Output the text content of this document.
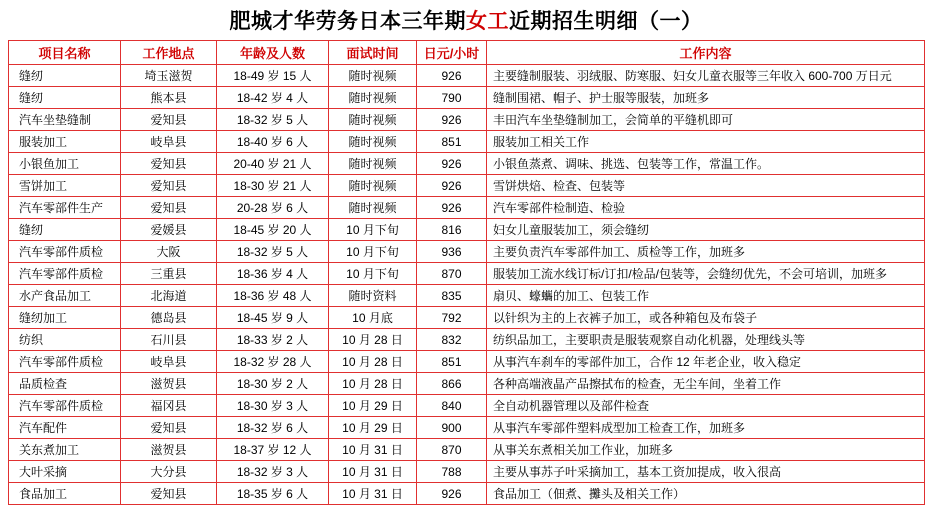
肥城才华劳务日本三年期女工近期招生明细（一）
项目名称	工作地点	年龄及人数	面试时间	日元/小时	工作内容
缝纫	埼玉滋贺	18-49 岁 15 人	随时视频	926	主要缝制服装、羽绒服、防寒服、妇女儿童衣服等三年收入 600-700 万日元
缝纫	熊本县	18-42 岁 4 人	随时视频	790	缝制围裙、帽子、护士服等服装，加班多
汽车坐垫缝制	爱知县	18-32 岁 5 人	随时视频	926	丰田汽车坐垫缝制加工，会简单的平缝机即可
服装加工	岐阜县	18-40 岁 6 人	随时视频	851	服装加工相关工作
小银鱼加工	爱知县	20-40 岁 21 人	随时视频	926	小银鱼蒸煮、调味、挑选、包装等工作，常温工作。
雪饼加工	爱知县	18-30 岁 21 人	随时视频	926	雪饼烘焙、检查、包装等
汽车零部件生产	爱知县	20-28 岁 6 人	随时视频	926	汽车零部件检制造、检验
缝纫	爱媛县	18-45 岁 20 人	10 月下旬	816	妇女儿童服装加工，须会缝纫
汽车零部件质检	大阪	18-32 岁 5 人	10 月下旬	936	主要负责汽车零部件加工、质检等工作，加班多
汽车零部件质检	三重县	18-36 岁 4 人	10 月下旬	870	服装加工流水线订标/订扣/检品/包装等，会缝纫优先，不会可培训，加班多
水产食品加工	北海道	18-36 岁 48 人	随时资料	835	扇贝、蠔蠵的加工、包装工作
缝纫加工	德岛县	18-45 岁 9 人	10 月底	792	以针织为主的上衣裤子加工，或各种箱包及布袋子
纺织	石川县	18-33 岁 2 人	10 月 28 日	832	纺织品加工，主要职责是服装观察自动化机器，处理线头等
汽车零部件质检	岐阜县	18-32 岁 28 人	10 月 28 日	851	从事汽车刹车的零部件加工，合作 12 年老企业，收入稳定
品质检查	滋贺县	18-30 岁 2 人	10 月 28 日	866	各种高端液晶产品擦拭布的检查，无尘车间，坐着工作
汽车零部件质检	福冈县	18-30 岁 3 人	10 月 29 日	840	全自动机器管理以及部件检查
汽车配件	爱知县	18-32 岁 6 人	10 月 29 日	900	从事汽车零部件塑料成型加工检查工作，加班多
关东煮加工	滋贺县	18-37 岁 12 人	10 月 31 日	870	从事关东煮相关加工作业，加班多
大叶采摘	大分县	18-32 岁 3 人	10 月 31 日	788	主要从事苏子叶采摘加工，基本工资加提成，收入很高
食品加工	爱知县	18-35 岁 6 人	10 月 31 日	926	食品加工（佃煮、攤头及相关工作）
